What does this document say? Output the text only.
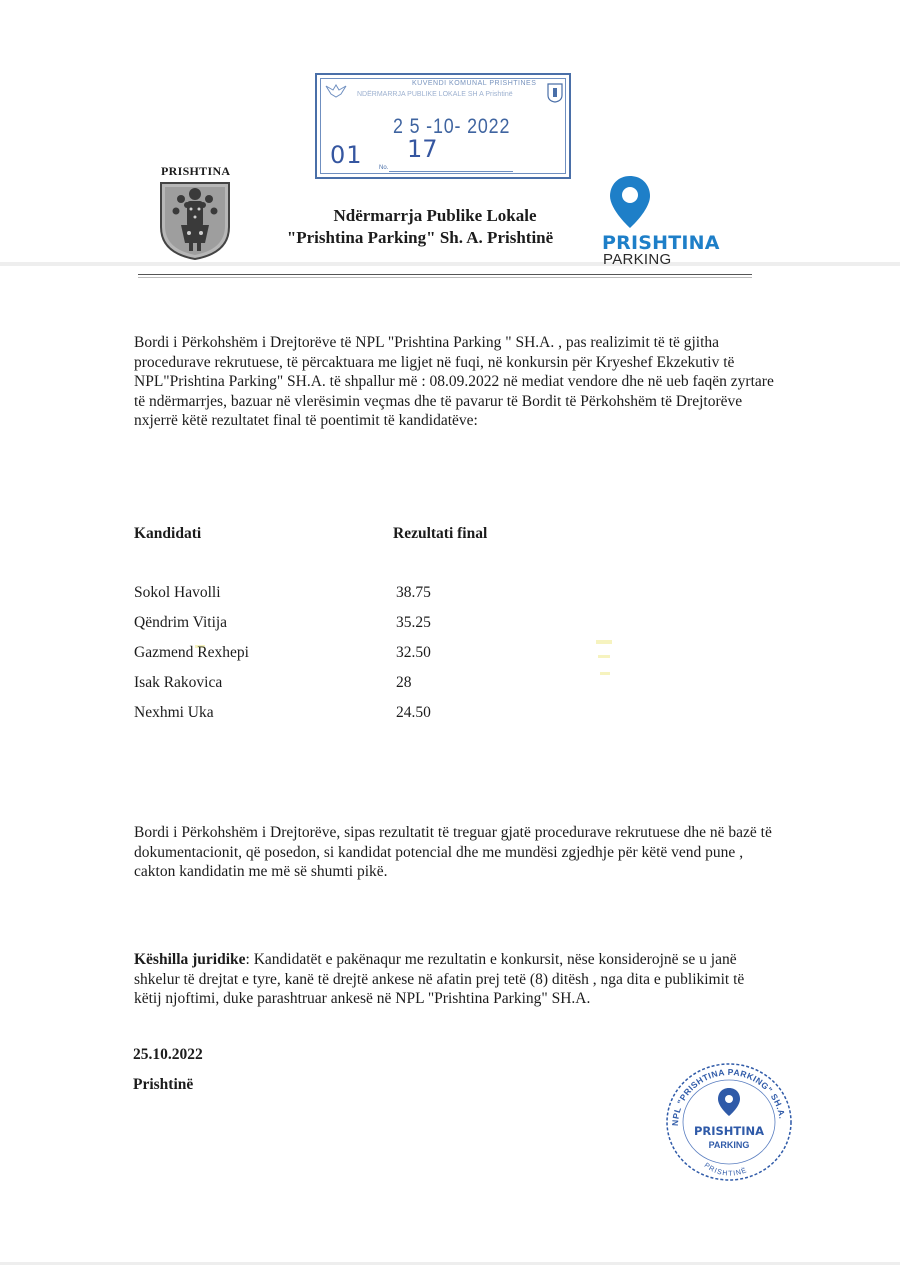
KUVENDI KOMUNAL PRISHTINES
NDËRMARRJA PUBLIKE LOKALE SH A Prishtinë
2 5 -10- 2022
01 17
No.
PRISHTINA
Ndërmarrja Publike Lokale
"Prishtina Parking" Sh. A. Prishtinë	PRISHTINA
PARKING
Bordi i Përkohshëm i Drejtorëve të NPL "Prishtina Parking " SH.A. , pas realizimit të të gjitha procedurave rekrutuese, të përcaktuara me ligjet në fuqi, në konkursin për Kryeshef Ekzekutiv të NPL"Prishtina Parking" SH.A. të shpallur më : 08.09.2022 në mediat vendore dhe në ueb faqën zyrtare të ndërmarrjes, bazuar në vlerësimin veçmas dhe të pavarur të Bordit të Përkohshëm të Drejtorëve nxjerrë këtë rezultatet final të poentimit të kandidatëve:
Kandidati	Rezultati final
Sokol Havolli	38.75
Qëndrim Vitija	35.25
Gazmend Rexhepi	32.50
Isak Rakovica	28
Nexhmi Uka	24.50
Bordi i Përkohshëm i Drejtorëve, sipas rezultatit të treguar gjatë procedurave rekrutuese dhe në bazë të dokumentacionit, që posedon, si kandidat potencial dhe me mundësi zgjedhje për këtë vend pune , cakton kandidatin me më së shumti pikë.
Këshilla juridike: Kandidatët e pakënaqur me rezultatin e konkursit, nëse konsiderojnë se u janë shkelur të drejtat e tyre, kanë të drejtë ankese në afatin prej tetë (8) ditësh , nga dita e publikimit të këtij njoftimi, duke parashtruar ankesë në NPL "Prishtina Parking" SH.A.
25.10.2022
Prishtinë
NPL "PRISHTINA PARKING" SH.A.
PRISHTINË
PRISHTINA
PARKING
